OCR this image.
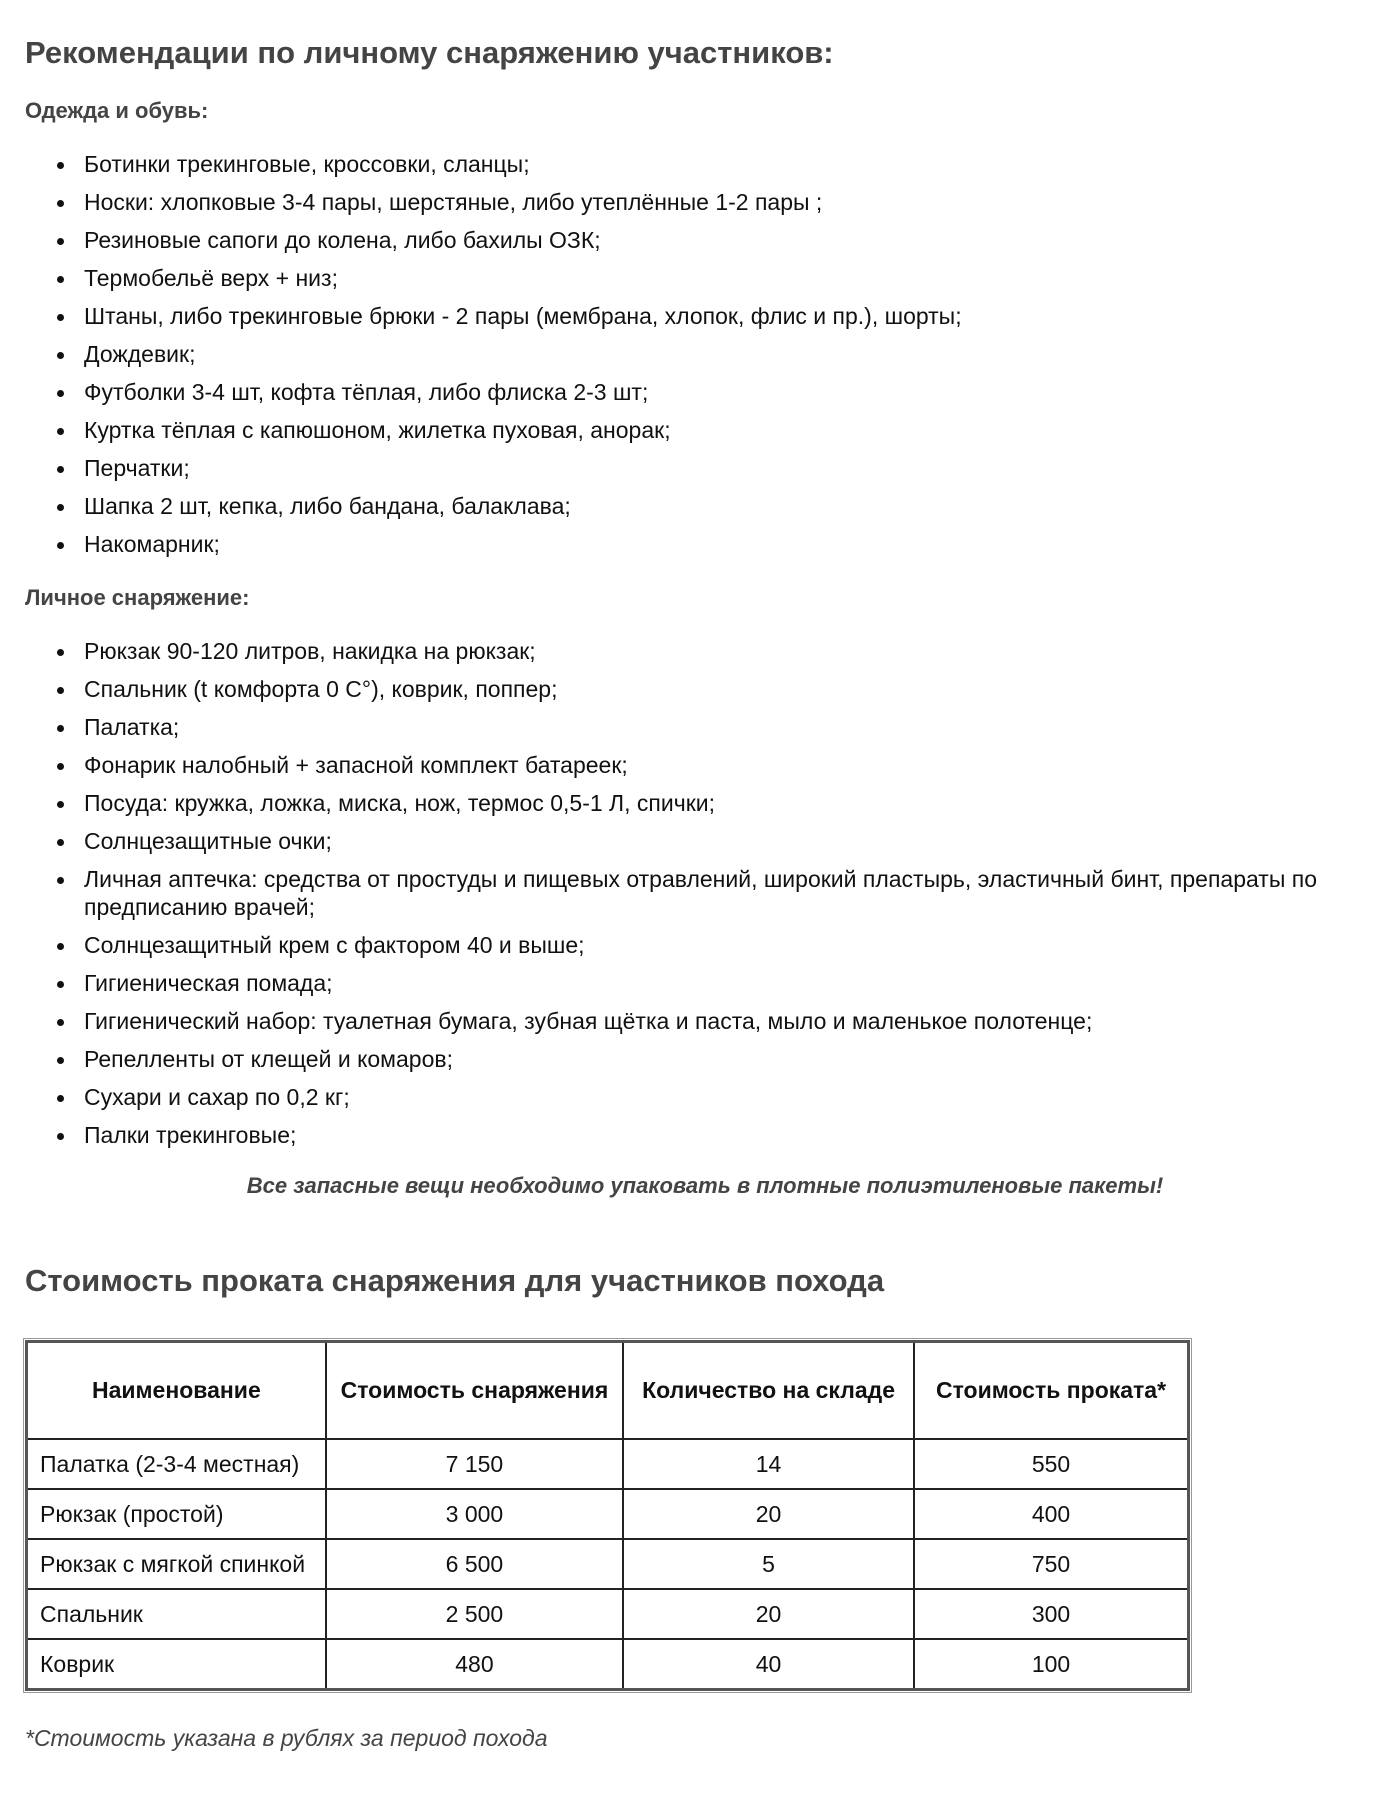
Рекомендации по личному снаряжению участников:
Одежда и обувь:
Ботинки трекинговые, кроссовки, сланцы;
Носки: хлопковые 3-4 пары, шерстяные, либо утеплённые 1-2 пары ;
Резиновые сапоги до колена, либо бахилы ОЗК;
Термобельё верх + низ;
Штаны, либо трекинговые брюки - 2 пары (мембрана, хлопок, флис и пр.), шорты;
Дождевик;
Футболки 3-4 шт, кофта тёплая, либо флиска 2-3 шт;
Куртка тёплая с капюшоном, жилетка пуховая, анорак;
Перчатки;
Шапка 2 шт, кепка, либо бандана, балаклава;
Накомарник;
Личное снаряжение:
Рюкзак 90-120 литров, накидка на рюкзак;
Спальник (t комфорта 0 С°), коврик, поппер;
Палатка;
Фонарик налобный + запасной комплект батареек;
Посуда: кружка, ложка, миска, нож, термос 0,5-1 Л, спички;
Солнцезащитные очки;
Личная аптечка: средства от простуды и пищевых отравлений, широкий пластырь, эластичный бинт, препараты по предписанию врачей;
Солнцезащитный крем с фактором 40 и выше;
Гигиеническая помада;
Гигиенический набор: туалетная бумага, зубная щётка и паста, мыло и маленькое полотенце;
Репелленты от клещей и комаров;
Сухари и сахар по 0,2 кг;
Палки трекинговые;
Все запасные вещи необходимо упаковать в плотные полиэтиленовые пакеты!
Стоимость проката снаряжения для участников похода
Наименование	Стоимость снаряжения	Количество на складе	Стоимость проката*
Палатка (2-3-4 местная)	7 150	14	550
Рюкзак (простой)	3 000	20	400
Рюкзак с мягкой спинкой	6 500	5	750
Спальник	2 500	20	300
Коврик	480	40	100
*Стоимость указана в рублях за период похода
